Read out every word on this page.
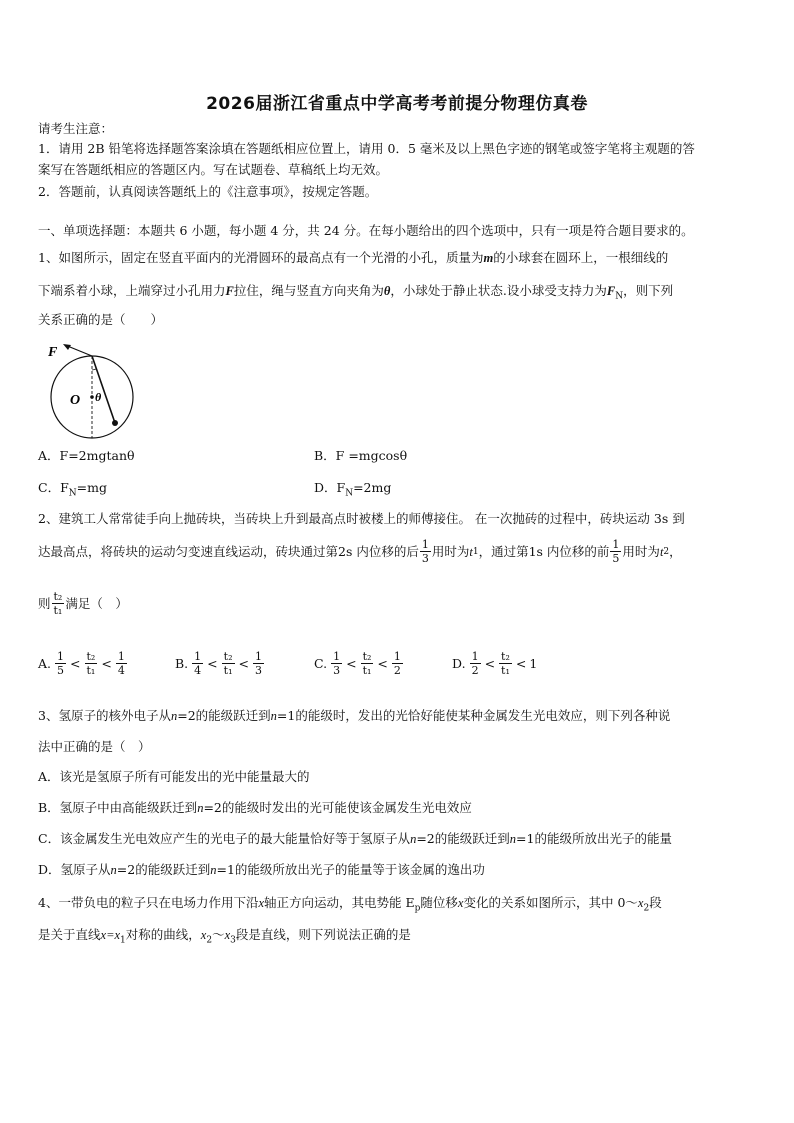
2026届浙江省重点中学高考考前提分物理仿真卷
请考生注意：
1．请用 2B 铅笔将选择题答案涂填在答题纸相应位置上，请用 0．5 毫米及以上黑色字迹的钢笔或签字笔将主观题的答
案写在答题纸相应的答题区内。写在试题卷、草稿纸上均无效。
2．答题前，认真阅读答题纸上的《注意事项》，按规定答题。
一、单项选择题：本题共 6 小题，每小题 4 分，共 24 分。在每小题给出的四个选项中，只有一项是符合题目要求的。
1、如图所示，固定在竖直平面内的光滑圆环的最高点有一个光滑的小孔，质量为m的小球套在圆环上，一根细线的
下端系着小球，上端穿过小孔用力F拉住，绳与竖直方向夹角为θ，小球处于静止状态.设小球受支持力为$F_N$，则下列
关系正确的是（　　）
F
O θ
A．F=2mgtanθ	B．F =mgcosθ
C．$F_N=mg$	D．$F_N=2mg$
2、建筑工人常常徒手向上抛砖块，当砖块上升到最高点时被楼上的师傅接住。 在一次抛砖的过程中，砖块运动 3s 到
达最高点，将砖块的运动匀变速直线运动，砖块通过第2s 内位移的后 $\frac{1}{3}$ 用时为 t 1 ，通过第1s 内位移的前 $\frac{1}{5}$ 用时为 t 2 ，
则 $\frac{\text{t₂}}{\text{t₁}}$ 满足（　）
A. $\frac{1}{5} < \frac{\text{t₂}}{\text{t₁}} < \frac{1}{4}$	B. $\frac{1}{4} < \frac{\text{t₂}}{\text{t₁}} < \frac{1}{3}$	C. $\frac{1}{3} < \frac{\text{t₂}}{\text{t₁}} < \frac{1}{2}$	D. $\frac{1}{2} < \frac{\text{t₂}}{\text{t₁}} < 1$
3、氢原子的核外电子从n=2的能级跃迁到n=1的能级时，发出的光恰好能使某种金属发生光电效应，则下列各种说
法中正确的是（　）
A．该光是氢原子所有可能发出的光中能量最大的
B．氢原子中由高能级跃迁到n=2的能级时发出的光可能使该金属发生光电效应
C．该金属发生光电效应产生的光电子的最大能量恰好等于氢原子从n=2的能级跃迁到n=1的能级所放出光子的能量
D．氢原子从n=2的能级跃迁到n=1的能级所放出光子的能量等于该金属的逸出功
4、一带负电的粒子只在电场力作用下沿x轴正方向运动，其电势能 $E_p$随位移x变化的关系如图所示，其中 $0\sim x_2$段
是关于直线$x=x_1$对称的曲线，$x_2\sim x_3$段是直线，则下列说法正确的是
